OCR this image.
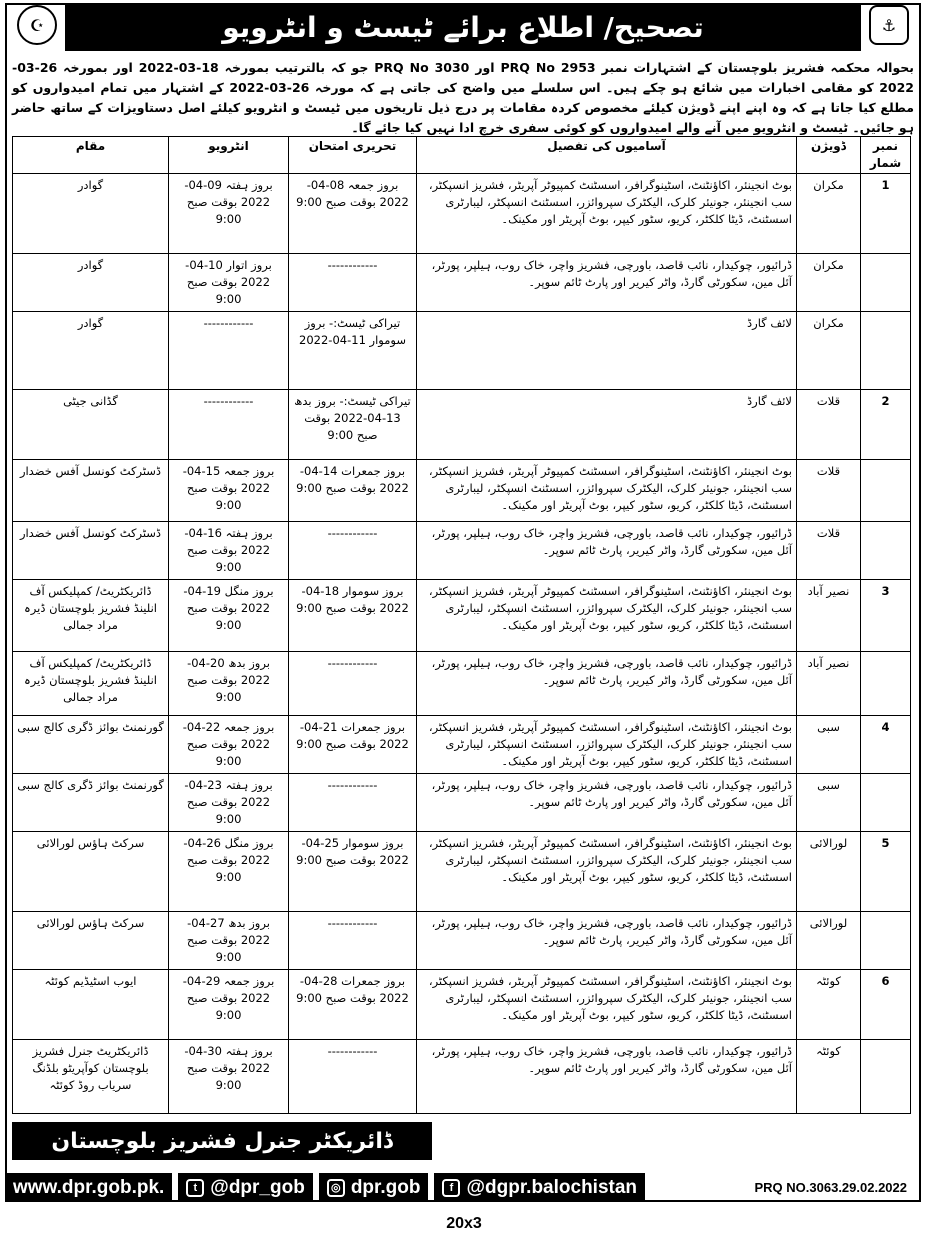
☪	تصحیح/ اطلاع برائے ٹیسٹ و انٹرویو	⚓
بحوالہ محکمہ فشریز بلوچستان کے اشتہارات نمبر PRQ No 2953 اور PRQ No 3030 جو کہ بالترتیب بمورخہ 18-03-2022 اور بمورخہ 26-03-2022 کو مقامی اخبارات میں شائع ہو چکے ہیں۔ اس سلسلے میں واضح کی جاتی ہے کہ مورخہ 26-03-2022 کے اشتہار میں تمام امیدواروں کو مطلع کیا جاتا ہے کہ وہ اپنے اپنے ڈویژن کیلئے مخصوص کردہ مقامات پر درج ذیل تاریخوں میں ٹیسٹ و انٹرویو کیلئے اصل دستاویزات کے ساتھ حاضر ہو جائیں۔ ٹیسٹ و انٹرویو میں آنے والے امیدواروں کو کوئی سفری خرچ ادا نہیں کیا جائے گا۔
نمبر شمار	ڈویژن	آسامیوں کی تفصیل	تحریری امتحان	انٹرویو	مقام
1	مکران	بوٹ انجینئر، اکاؤنٹنٹ، اسٹینوگرافر، اسسٹنٹ کمپیوٹر آپریٹر، فشریز انسپکٹر، سب انجینئر، جونیئر کلرک، الیکٹرک سپروائزر، اسسٹنٹ انسپکٹر، لیبارٹری اسسٹنٹ، ڈیٹا کلکٹر، کریو، سٹور کیپر، بوٹ آپریٹر اور مکینک۔	بروز جمعہ 08-04-2022 بوقت صبح 9:00	بروز ہفتہ 09-04-2022 بوقت صبح 9:00	گوادر
	مکران	ڈرائیور، چوکیدار، نائب قاصد، باورچی، فشریز واچر، خاک روب، ہیلپر، پورٹر، آئل مین، سکورٹی گارڈ، واٹر کیریر اور پارٹ ٹائم سوپر۔	------------	بروز اتوار 10-04-2022 بوقت صبح 9:00	گوادر
	مکران	لائف گارڈ	تیراکی ٹیسٹ:- بروز سوموار 11-04-2022	------------	گوادر
2	قلات	لائف گارڈ	تیراکی ٹیسٹ:- بروز بدھ 13-04-2022 بوقت صبح 9:00	------------	گڈانی جیٹی
	قلات	بوٹ انجینئر، اکاؤنٹنٹ، اسٹینوگرافر، اسسٹنٹ کمپیوٹر آپریٹر، فشریز انسپکٹر، سب انجینئر، جونیئر کلرک، الیکٹرک سپروائزر، اسسٹنٹ انسپکٹر، لیبارٹری اسسٹنٹ، ڈیٹا کلکٹر، کریو، سٹور کیپر، بوٹ آپریٹر اور مکینک۔	بروز جمعرات 14-04-2022 بوقت صبح 9:00	بروز جمعہ 15-04-2022 بوقت صبح 9:00	ڈسٹرکٹ کونسل آفس خضدار
	قلات	ڈرائیور، چوکیدار، نائب قاصد، باورچی، فشریز واچر، خاک روب، ہیلپر، پورٹر، آئل مین، سکورٹی گارڈ، واٹر کیریر، پارٹ ٹائم سوپر۔	------------	بروز ہفتہ 16-04-2022 بوقت صبح 9:00	ڈسٹرکٹ کونسل آفس خضدار
3	نصیر آباد	بوٹ انجینئر، اکاؤنٹنٹ، اسٹینوگرافر، اسسٹنٹ کمپیوٹر آپریٹر، فشریز انسپکٹر، سب انجینئر، جونیئر کلرک، الیکٹرک سپروائزر، اسسٹنٹ انسپکٹر، لیبارٹری اسسٹنٹ، ڈیٹا کلکٹر، کریو، سٹور کیپر، بوٹ آپریٹر اور مکینک۔	بروز سوموار 18-04-2022 بوقت صبح 9:00	بروز منگل 19-04-2022 بوقت صبح 9:00	ڈائریکٹریٹ/ کمپلیکس آف انلینڈ فشریز بلوچستان ڈیرہ مراد جمالی
	نصیر آباد	ڈرائیور، چوکیدار، نائب قاصد، باورچی، فشریز واچر، خاک روب، ہیلپر، پورٹر، آئل مین، سکورٹی گارڈ، واٹر کیریر، پارٹ ٹائم سوپر۔	------------	بروز بدھ 20-04-2022 بوقت صبح 9:00	ڈائریکٹریٹ/ کمپلیکس آف انلینڈ فشریز بلوچستان ڈیرہ مراد جمالی
4	سبی	بوٹ انجینئر، اکاؤنٹنٹ، اسٹینوگرافر، اسسٹنٹ کمپیوٹر آپریٹر، فشریز انسپکٹر، سب انجینئر، جونیئر کلرک، الیکٹرک سپروائزر، اسسٹنٹ انسپکٹر، لیبارٹری اسسٹنٹ، ڈیٹا کلکٹر، کریو، سٹور کیپر، بوٹ آپریٹر اور مکینک۔	بروز جمعرات 21-04-2022 بوقت صبح 9:00	بروز جمعہ 22-04-2022 بوقت صبح 9:00	گورنمنٹ بوائز ڈگری کالج سبی
	سبی	ڈرائیور، چوکیدار، نائب قاصد، باورچی، فشریز واچر، خاک روب، ہیلپر، پورٹر، آئل مین، سکورٹی گارڈ، واٹر کیریر اور پارٹ ٹائم سوپر۔	------------	بروز ہفتہ 23-04-2022 بوقت صبح 9:00	گورنمنٹ بوائز ڈگری کالج سبی
5	لورالائی	بوٹ انجینئر، اکاؤنٹنٹ، اسٹینوگرافر، اسسٹنٹ کمپیوٹر آپریٹر، فشریز انسپکٹر، سب انجینئر، جونیئر کلرک، الیکٹرک سپروائزر، اسسٹنٹ انسپکٹر، لیبارٹری اسسٹنٹ، ڈیٹا کلکٹر، کریو، سٹور کیپر، بوٹ آپریٹر اور مکینک۔	بروز سوموار 25-04-2022 بوقت صبح 9:00	بروز منگل 26-04-2022 بوقت صبح 9:00	سرکٹ ہاؤس لورالائی
	لورالائی	ڈرائیور، چوکیدار، نائب قاصد، باورچی، فشریز واچر، خاک روب، ہیلپر، پورٹر، آئل مین، سکورٹی گارڈ، واٹر کیریر، پارٹ ٹائم سوپر۔	------------	بروز بدھ 27-04-2022 بوقت صبح 9:00	سرکٹ ہاؤس لورالائی
6	کوئٹہ	بوٹ انجینئر، اکاؤنٹنٹ، اسٹینوگرافر، اسسٹنٹ کمپیوٹر آپریٹر، فشریز انسپکٹر، سب انجینئر، جونیئر کلرک، الیکٹرک سپروائزر، اسسٹنٹ انسپکٹر، لیبارٹری اسسٹنٹ، ڈیٹا کلکٹر، کریو، سٹور کیپر، بوٹ آپریٹر اور مکینک۔	بروز جمعرات 28-04-2022 بوقت صبح 9:00	بروز جمعہ 29-04-2022 بوقت صبح 9:00	ایوب اسٹیڈیم کوئٹہ
	کوئٹہ	ڈرائیور، چوکیدار، نائب قاصد، باورچی، فشریز واچر، خاک روب، ہیلپر، پورٹر، آئل مین، سکورٹی گارڈ، واٹر کیریر اور پارٹ ٹائم سوپر۔	------------	بروز ہفتہ 30-04-2022 بوقت صبح 9:00	ڈائریکٹریٹ جنرل فشریز بلوچستان کوآپریٹو بلڈنگ سریاب روڈ کوئٹہ
ڈائریکٹر جنرل فشریز بلوچستان
www.dpr.gob.pk.	t @dpr_gob	◎ dpr.gob	f @dgpr.balochistan	PRQ NO.3063.29.02.2022
20x3
